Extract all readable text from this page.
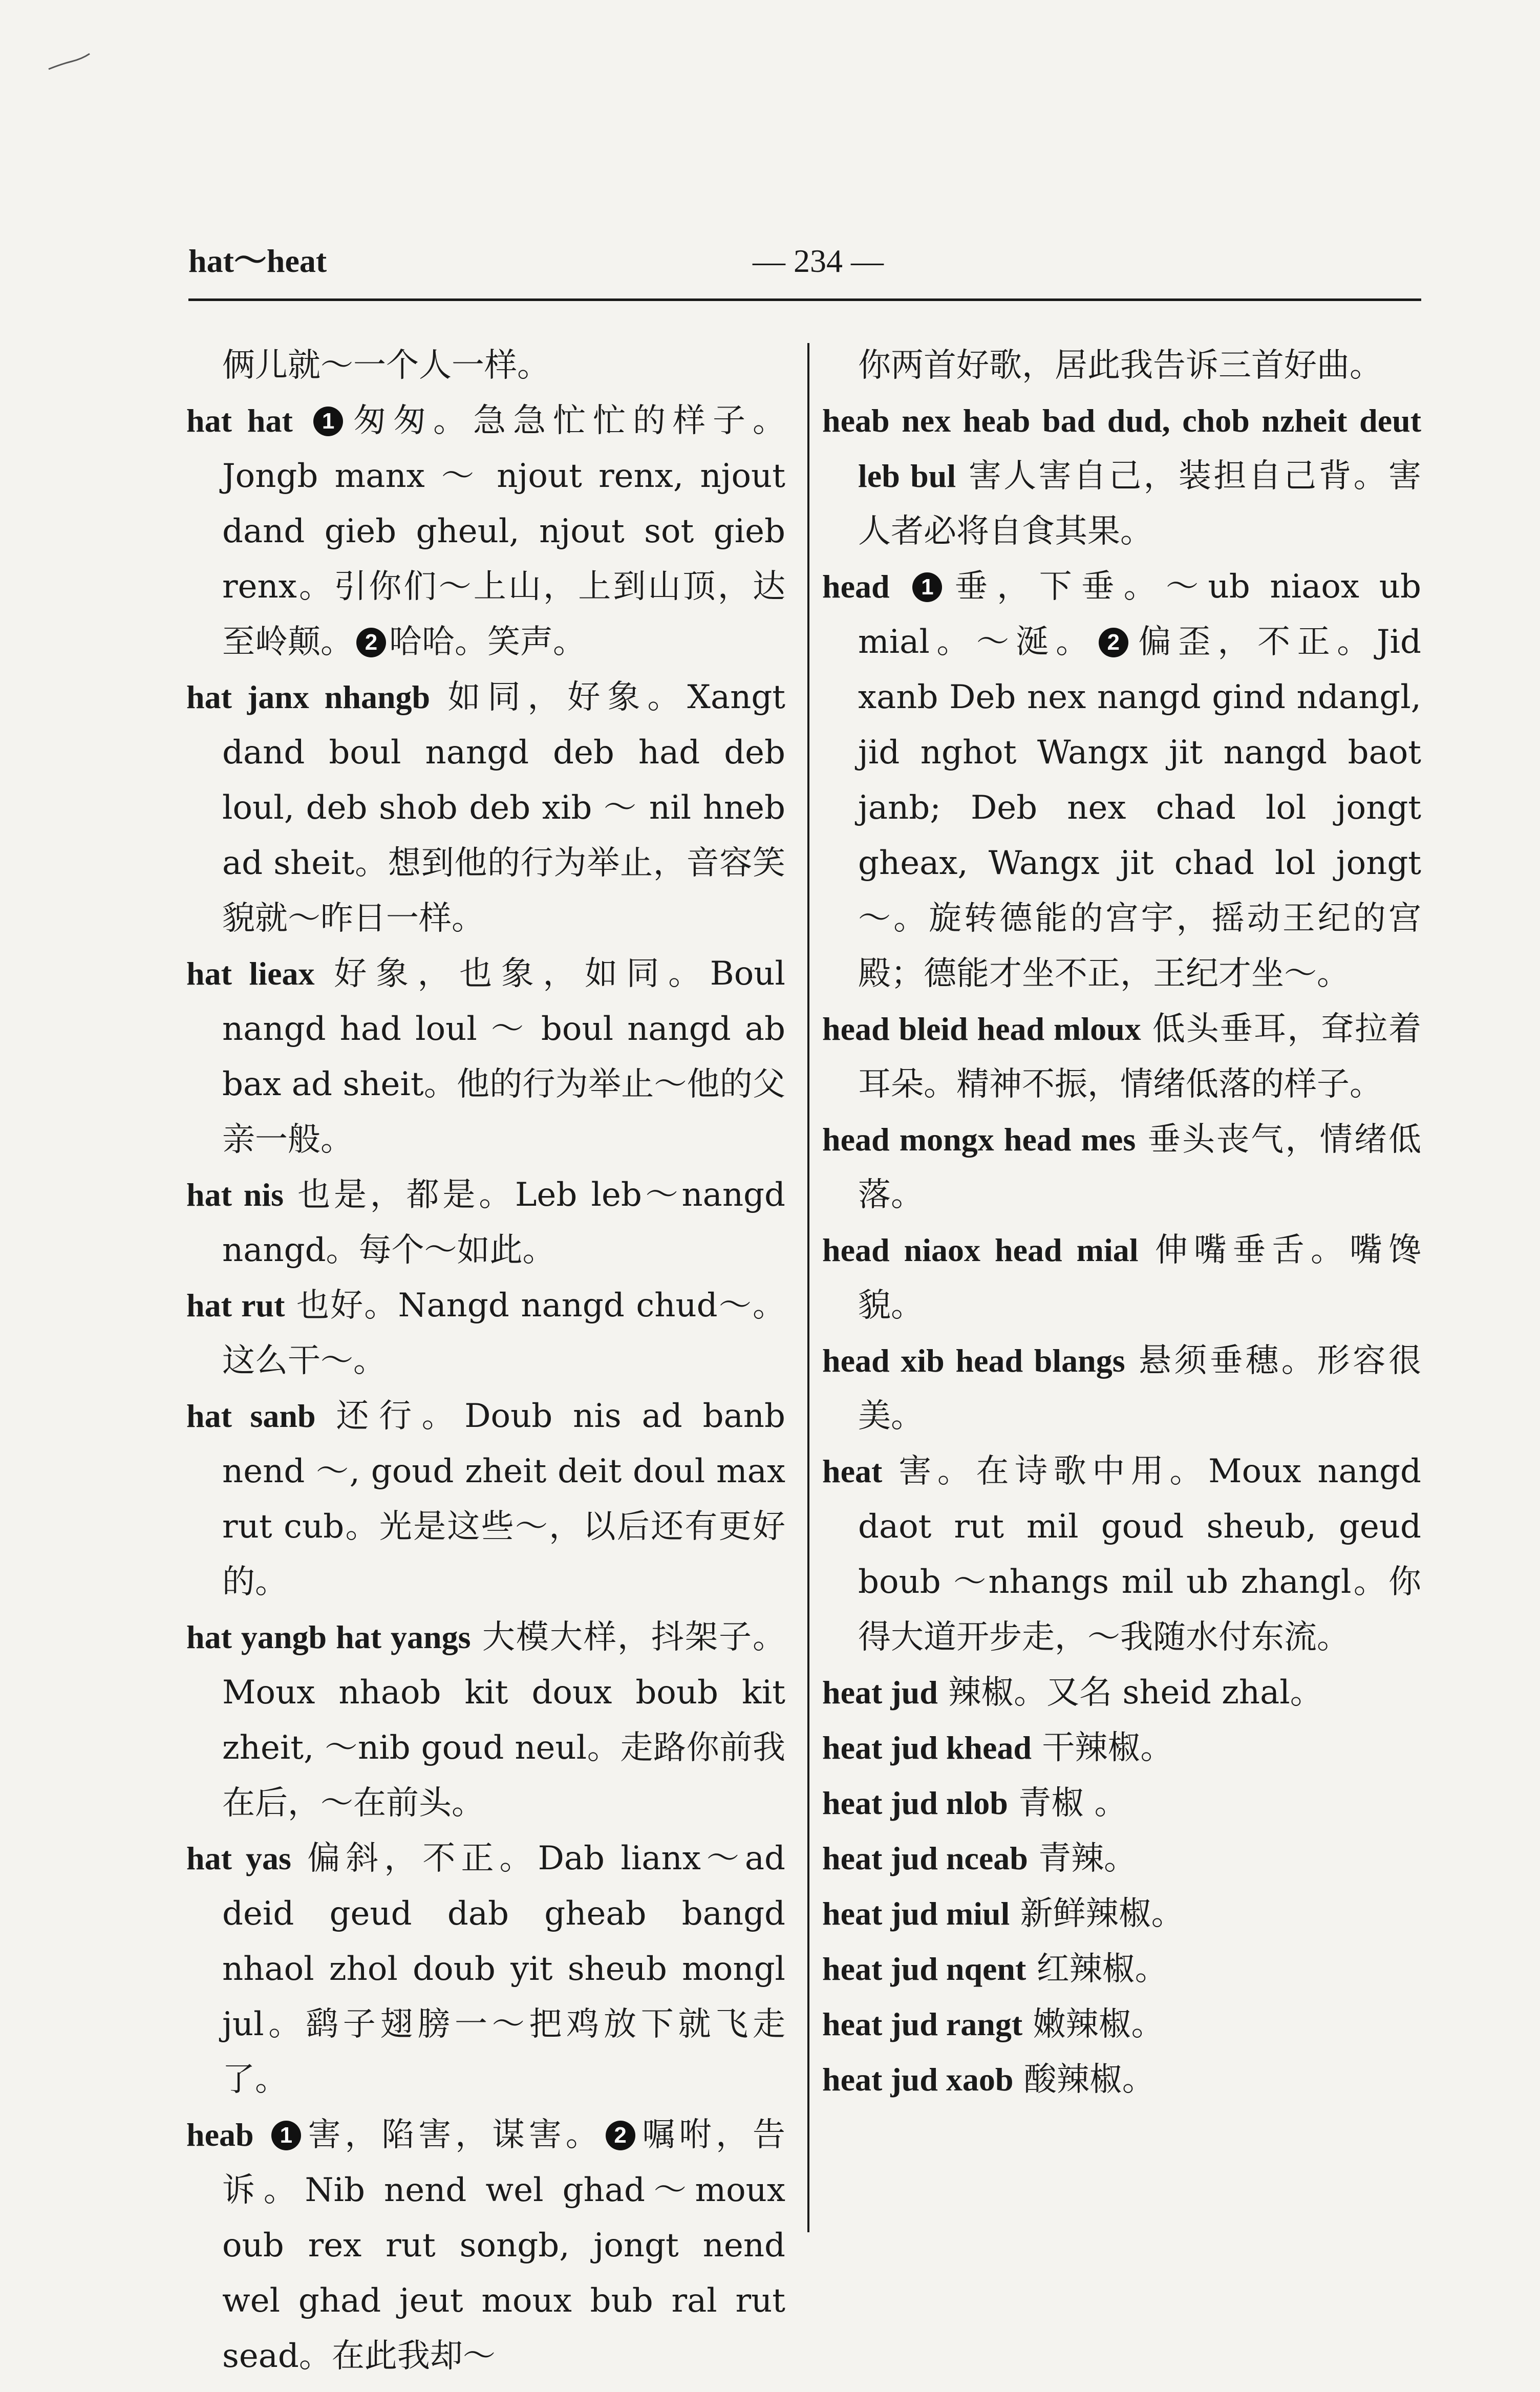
hat～heat	— 234 —

俩儿就～一个人一样。

hat hat 1 匆匆。急急忙忙的样子。Jongb manx ～ njout renx, njout dand gieb gheul, njout sot gieb renx。引你们～上山，上到山顶，达至岭颠。 2 哈哈。笑声。

hat janx nhangb 如同，好象。Xangt dand boul nangd deb had deb loul, deb shob deb xib ～ nil hneb ad sheit。想到他的行为举止，音容笑貌就～昨日一样。

hat lieax 好象，也象，如同。Boul nangd had loul ～ boul nangd ab bax ad sheit。他的行为举止～他的父亲一般。

hat nis 也是，都是。Leb leb～nangd nangd。每个～如此。

hat rut 也好。Nangd nangd chud～。这么干～。

hat sanb 还行。Doub nis ad banb nend ～, goud zheit deit doul max rut cub。光是这些～，以后还有更好的。

hat yangb hat yangs 大模大样，抖架子。Moux nhaob kit doux boub kit zheit, ～nib goud neul。走路你前我在后，～在前头。

hat yas 偏斜，不正。Dab lianx～ad deid geud dab gheab bangd nhaol zhol doub yit sheub mongl jul。鹞子翅膀一～把鸡放下就飞走了。

heab 1 害，陷害，谋害。 2 嘱咐，告诉。Nib nend wel ghad～moux oub rex rut songb, jongt nend wel ghad jeut moux bub ral rut sead。在此我却～

你两首好歌，居此我告诉三首好曲。

heab nex heab bad dud, chob nzheit deut leb bul 害人害自己，装担自己背。害人者必将自食其果。

head 1 垂，下垂。～ub niaox ub mial。～涎。 2 偏歪，不正。Jid xanb Deb nex nangd gind ndangl, jid nghot Wangx jit nangd baot janb; Deb nex chad lol jongt gheax, Wangx jit chad lol jongt～。旋转德能的宫宇，摇动王纪的宫殿；德能才坐不正，王纪才坐～。

head bleid head mloux 低头垂耳，耷拉着耳朵。精神不振，情绪低落的样子。

head mongx head mes 垂头丧气，情绪低落。

head niaox head mial 伸嘴垂舌。嘴馋貌。

head xib head blangs 悬须垂穗。形容很美。

heat 害。在诗歌中用。Moux nangd daot rut mil goud sheub, geud boub ～nhangs mil ub zhangl。你得大道开步走，～我随水付东流。

heat jud 辣椒。又名 sheid zhal。

heat jud khead 干辣椒。

heat jud nlob 青椒 。

heat jud nceab 青辣。

heat jud miul 新鲜辣椒。

heat jud nqent 红辣椒。

heat jud rangt 嫩辣椒。

heat jud xaob 酸辣椒。
